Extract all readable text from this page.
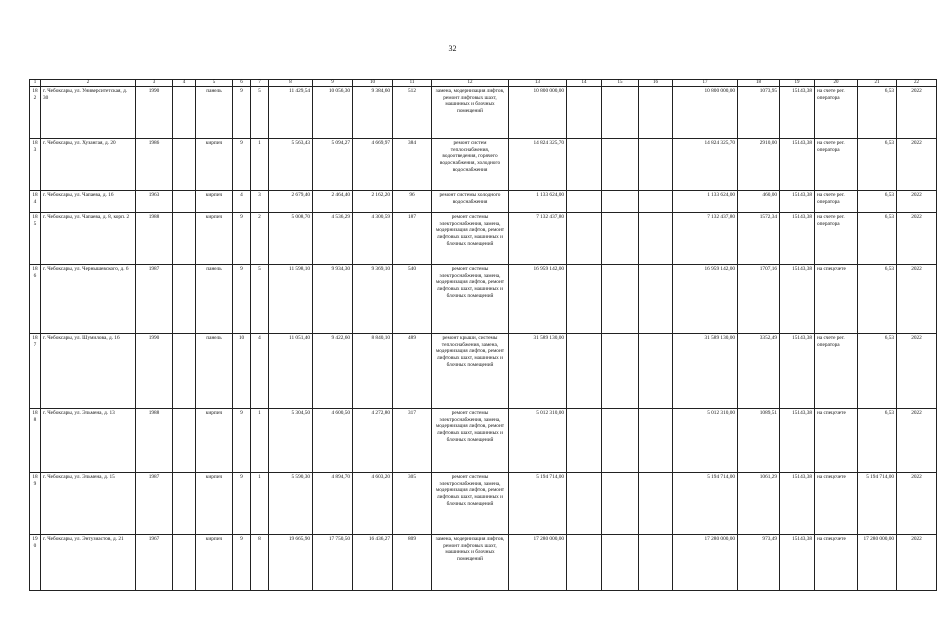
32
1	2	3	4	5	6	7	8	9	10	11	12	13	14	15	16	17	18	19	20	21	22
182	г. Чебоксары, ул. Университетская, д. 30	1990		панель	9	5	11 429,54	10 056,30	9 384,60	512	замена, модернизация лифтов, ремонт лифтовых шахт, машинных и блочных помещений	10 800 000,00				10 800 000,00	1073,95	15143,38	на счете рег. оператора	6,53	2022
183	г. Чебоксары, ул. Хузангая, д. 20	1986		кирпич	9	1	5 563,43	5 094,27	4 669,97	384	ремонт систем теплоснабжения, водоотведения, горячего водоснабжения, холодного водоснабжения	14 824 325,70				14 824 325,70	2910,00	15143,38	на счете рег. оператора	6,53	2022
184	г. Чебоксары, ул. Чапаева, д. 16	1963		кирпич	4	3	2 679,40	2 464,40	2 162,20	96	ремонт системы холодного водоснабжения	1 133 624,00				1 133 624,00	460,00	15143,38	на счете рег. оператора	6,53	2022
185	г. Чебоксары, ул. Чапаева, д. 8, корп. 2	1988		кирпич	9	2	5 008,70	4 536,29	4 300,59	187	ремонт системы электроснабжения, замена, модернизация лифтов, ремонт лифтовых шахт, машинных и блочных помещений	7 132 437,80				7 132 437,80	1572,34	15143,38	на счете рег. оператора	6,53	2022
186	г. Чебоксары, ул. Чернышевского, д. 6	1987		панель	9	5	11 598,10	9 934,30	9 369,10	540	ремонт системы электроснабжения, замена, модернизация лифтов, ремонт лифтовых шахт, машинных и блочных помещений	16 959 142,00				16 959 142,00	1707,16	15143,38	на спецсчете	6,53	2022
187	г. Чебоксары, ул. Шумилова, д. 16	1990		панель	10	4	11 051,40	9 422,60	8 840,10	489	ремонт крыши, системы теплоснабжения, замена, модернизация лифтов, ремонт лифтовых шахт, машинных и блочных помещений	31 589 130,00				31 589 130,00	3352,49	15143,38	на счете рег. оператора	6,53	2022
188	г. Чебоксары, ул. Эльмена, д. 13	1988		кирпич	9	1	5 304,50	4 600,50	4 272,80	317	ремонт системы электроснабжения, замена, модернизация лифтов, ремонт лифтовых шахт, машинных и блочных помещений	5 012 310,00				5 012 310,00	1089,51	15143,38	на спецсчете	6,53	2022
189	г. Чебоксары, ул. Эльмена, д. 15	1987		кирпич	9	1	5 590,30	4 894,70	4 603,20	305	ремонт системы электроснабжения, замена, модернизация лифтов, ремонт лифтовых шахт, машинных и блочных помещений	5 194 714,00				5 194 714,00	1061,29	15143,38	на спецсчете	5 194 714,00	2022
190	г. Чебоксары, ул. Энтузиастов, д. 21	1967		кирпич	9	8	19 665,90	17 750,50	16 436,27	809	замена, модернизация лифтов, ремонт лифтовых шахт, машинных и блочных помещений	17 280 000,00				17 280 000,00	973,49	15143,38	на спецсчете	17 280 000,00	2022
